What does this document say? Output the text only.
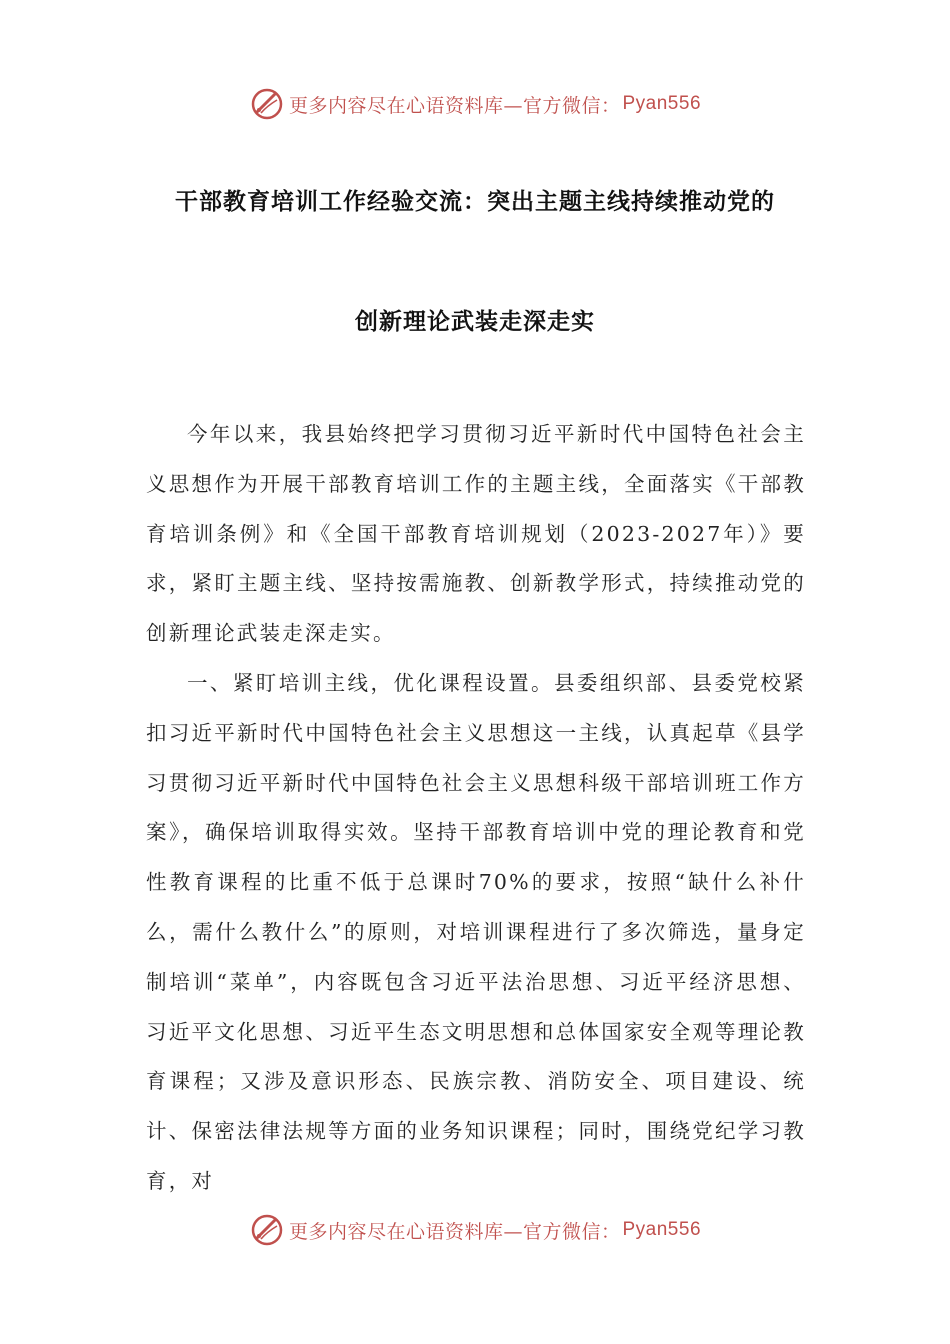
更多内容尽在心语资料库—官方微信： Pyan556
干部教育培训工作经验交流：突出主题主线持续推动党的
创新理论武装走深走实

今年以来，我县始终把学习贯彻习近平新时代中国特色社会主义思想作为开展干部教育培训工作的主题主线，全面落实《干部教育培训条例》和《全国干部教育培训规划（2023-2027年）》要求，紧盯主题主线、坚持按需施教、创新教学形式，持续推动党的创新理论武装走深走实。

一、紧盯培训主线，优化课程设置。县委组织部、县委党校紧扣习近平新时代中国特色社会主义思想这一主线，认真起草《县学习贯彻习近平新时代中国特色社会主义思想科级干部培训班工作方案》，确保培训取得实效。坚持干部教育培训中党的理论教育和党性教育课程的比重不低于总课时70%的要求，按照“缺什么补什么，需什么教什么”的原则，对培训课程进行了多次筛选，量身定制培训“菜单”，内容既包含习近平法治思想、习近平经济思想、习近平文化思想、习近平生态文明思想和总体国家安全观等理论教育课程；又涉及意识形态、民族宗教、消防安全、项目建设、统计、保密法律法规等方面的业务知识课程；同时，围绕党纪学习教育，对

更多内容尽在心语资料库—官方微信： Pyan556
